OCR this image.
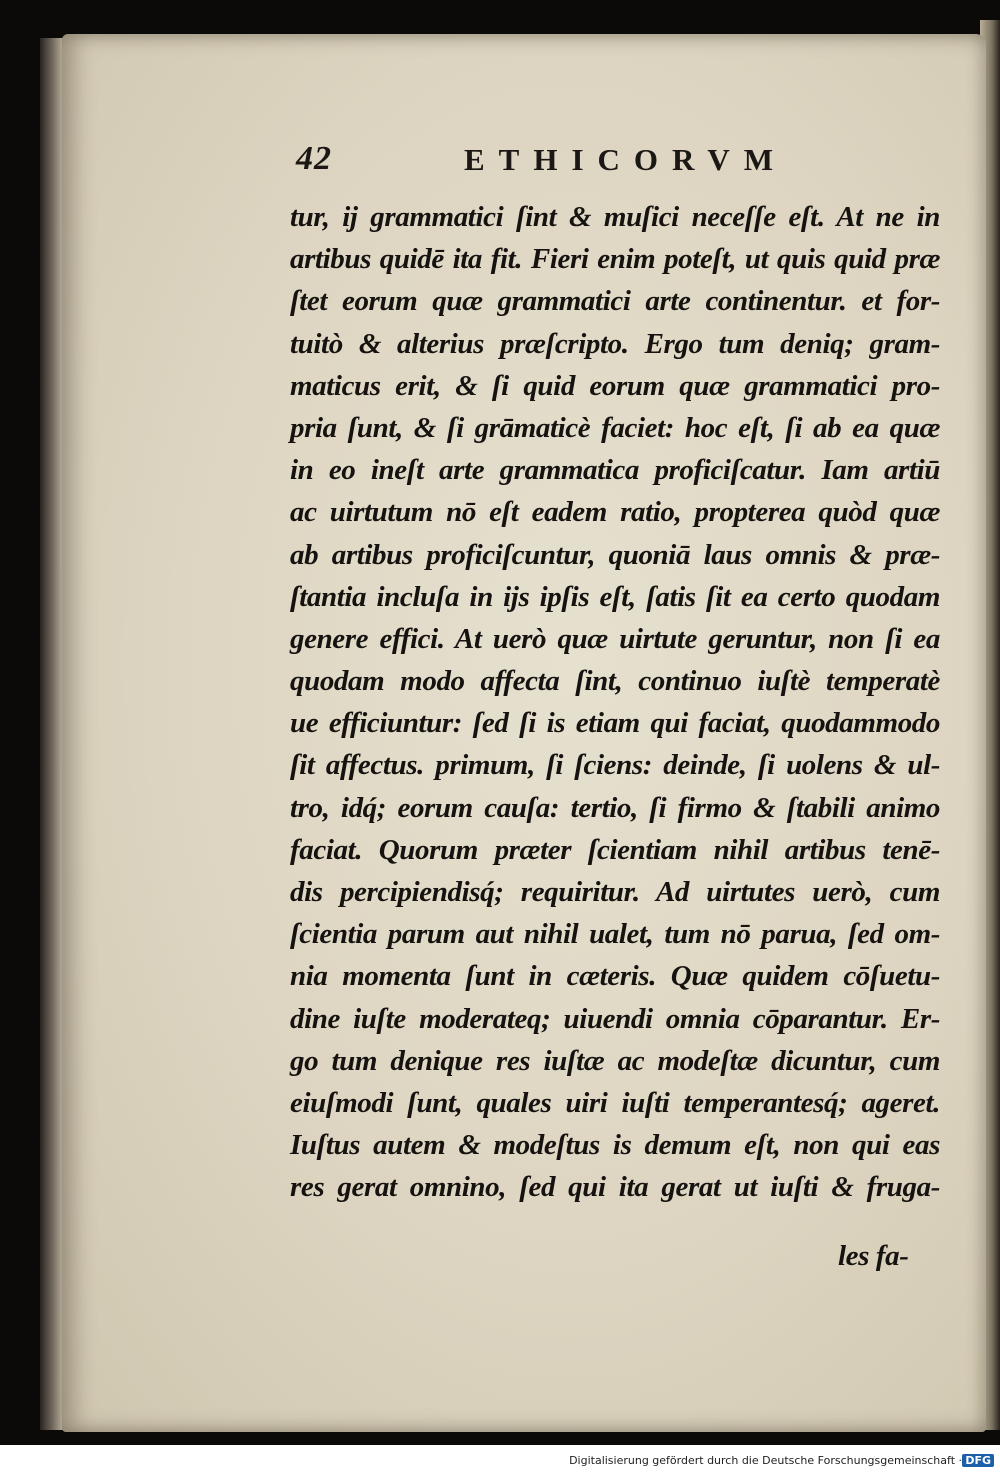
42	ETHICORVM
tur, ij grammatici ſint & muſici neceſſe eſt. At ne in
artibus quidē ita fit. Fieri enim poteſt, ut quis quid præ
ſtet eorum quæ grammatici arte continentur. et for-
tuitò & alterius præſcripto. Ergo tum deniq; gram-
maticus erit, & ſi quid eorum quæ grammatici pro-
pria ſunt, & ſi grāmaticè faciet: hoc eſt, ſi ab ea quæ
in eo ineſt arte grammatica proficiſcatur. Iam artiū
ac uirtutum nō eſt eadem ratio, propterea quòd quæ
ab artibus proficiſcuntur, quoniā laus omnis & præ-
ſtantia incluſa in ijs ipſis eſt, ſatis ſit ea certo quodam
genere effici. At uerò quæ uirtute geruntur, non ſi ea
quodam modo affecta ſint, continuo iuſtè temperatè
ue efficiuntur: ſed ſi is etiam qui faciat, quodammodo
ſit affectus. primum, ſi ſciens: deinde, ſi uolens & ul-
tro, idq́; eorum cauſa: tertio, ſi firmo & ſtabili animo
faciat. Quorum præter ſcientiam nihil artibus tenē-
dis percipiendisq́; requiritur. Ad uirtutes uerò, cum
ſcientia parum aut nihil ualet, tum nō parua, ſed om-
nia momenta ſunt in cæteris. Quæ quidem cōſuetu-
dine iuſte moderateq; uiuendi omnia cōparantur. Er-
go tum denique res iuſtæ ac modeſtæ dicuntur, cum
eiuſmodi ſunt, quales uiri iuſti temperantesq́; ageret.
Iuſtus autem & modeſtus is demum eſt, non qui eas
res gerat omnino, ſed qui ita gerat ut iuſti & fruga-
les fa-
Digitalisierung gefördert durch die Deutsche Forschungsgemeinschaft · DFG
